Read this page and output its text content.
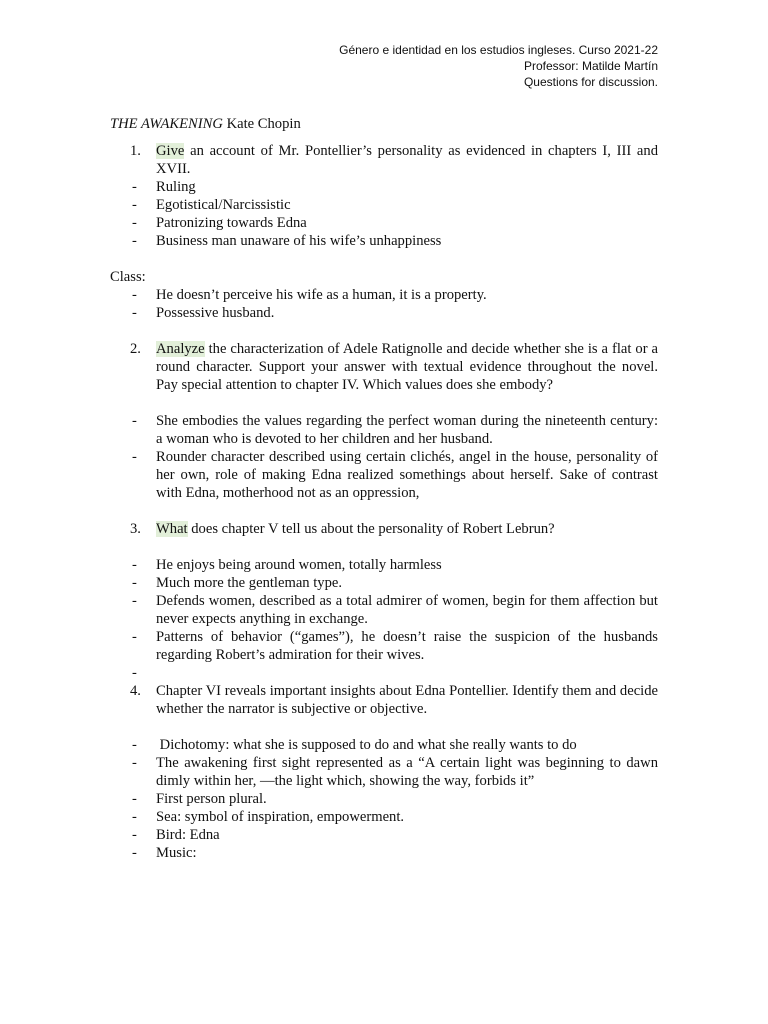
Género e identidad en los estudios ingleses. Curso 2021-22
Professor: Matilde Martín
Questions for discussion.

THE AWAKENING Kate Chopin

1.	Give an account of Mr. Pontellier’s personality as evidenced in chapters I, III and XVII.
-	Ruling
-	Egotistical/Narcissistic
-	Patronizing towards Edna
-	Business man unaware of his wife’s unhappiness

Class:

-	He doesn’t perceive his wife as a human, it is a property.
-	Possessive husband.
2.	Analyze the characterization of Adele Ratignolle and decide whether she is a flat or a round character. Support your answer with textual evidence throughout the novel. Pay special attention to chapter IV. Which values does she embody?
-	She embodies the values regarding the perfect woman during the nineteenth century: a woman who is devoted to her children and her husband.
-	Rounder character described using certain clichés, angel in the house, personality of her own, role of making Edna realized somethings about herself. Sake of contrast with Edna, motherhood not as an oppression,
3.	What does chapter V tell us about the personality of Robert Lebrun?
-	He enjoys being around women, totally harmless
-	Much more the gentleman type.
-	Defends women, described as a total admirer of women, begin for them affection but never expects anything in exchange.
-	Patterns of behavior (“games”), he doesn’t raise the suspicion of the husbands regarding Robert’s admiration for their wives.
-
4.	Chapter VI reveals important insights about Edna Pontellier. Identify them and decide whether the narrator is subjective or objective.
-	Dichotomy: what she is supposed to do and what she really wants to do
-	The awakening first sight represented as a “A certain light was beginning to dawn dimly within her, —the light which, showing the way, forbids it”
-	First person plural.
-	Sea: symbol of inspiration, empowerment.
-	Bird: Edna
-	Music:
